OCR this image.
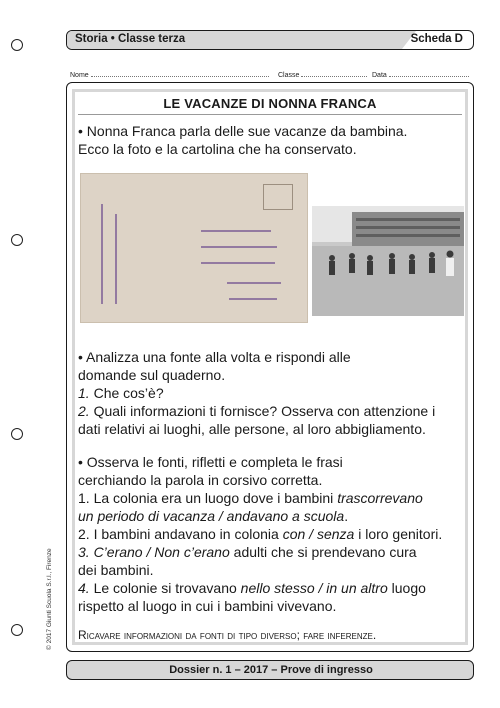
Storia • Classe terza	Scheda D
Nome	Classe	Data
LE VACANZE DI NONNA FRANCA
• Nonna Franca parla delle sue vacanze da bambina.
Ecco la foto e la cartolina che ha conservato.
• Analizza una fonte alla volta e rispondi alle
domande sul quaderno.
1. Che cos’è?
2. Quali informazioni ti fornisce? Osserva con attenzione i
dati relativi ai luoghi, alle persone, al loro abbigliamento.
• Osserva le fonti, rifletti e completa le frasi
cerchiando la parola in corsivo corretta.
1. La colonia era un luogo dove i bambini trascorrevano
un periodo di vacanza / andavano a scuola.
2. I bambini andavano in colonia con / senza i loro genitori.
3. C’erano / Non c’erano adulti che si prendevano cura
dei bambini.
4. Le colonie si trovavano nello stesso / in un altro luogo
rispetto al luogo in cui i bambini vivevano.
Ricavare informazioni da fonti di tipo diverso; fare inferenze.
© 2017 Giunti Scuola S.r.l., Firenze
Dossier n. 1 – 2017 – Prove di ingresso
